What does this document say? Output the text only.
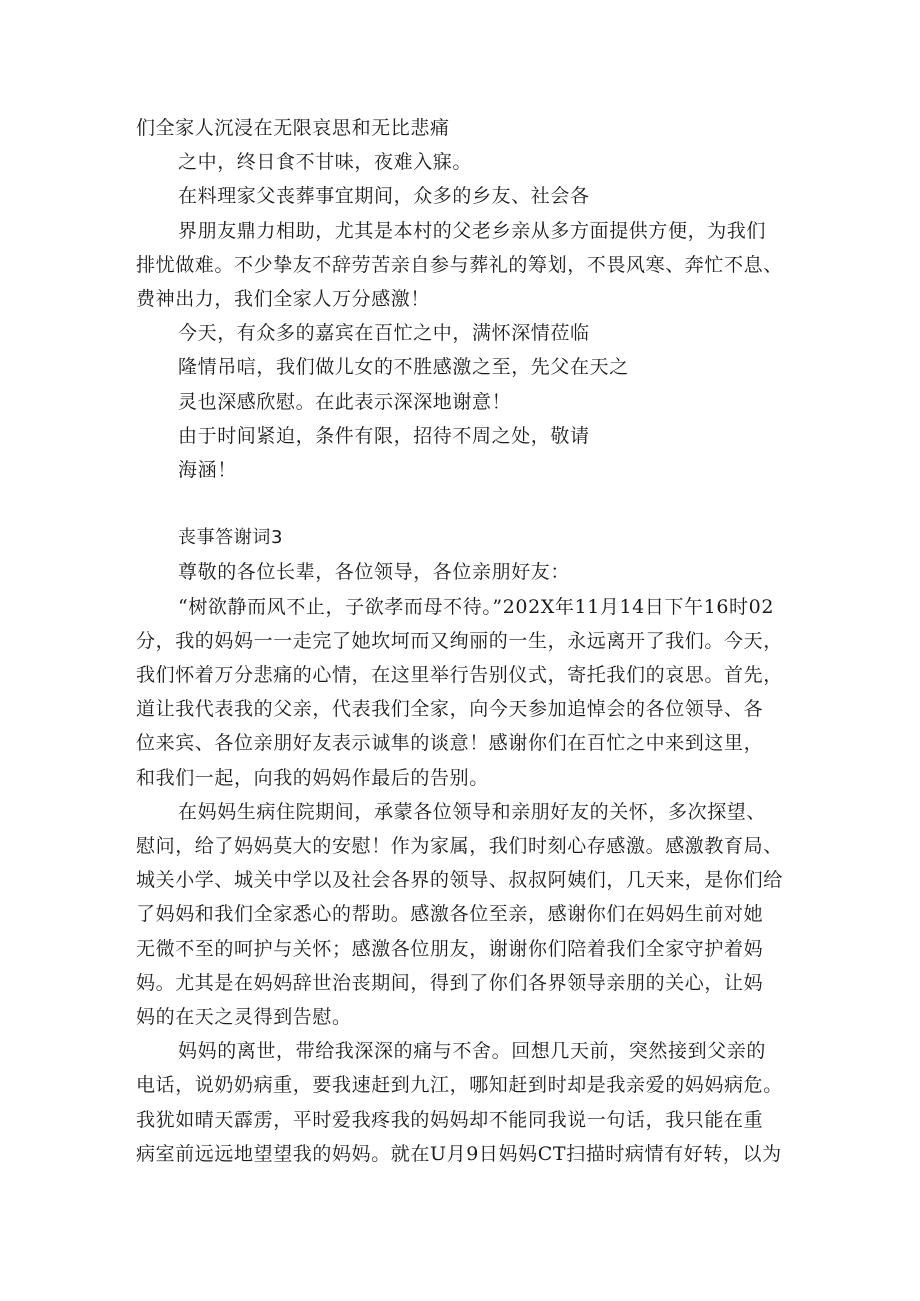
们全家人沉浸在无限哀思和无比悲痛

之中，终日食不甘味，夜难入寐。

在料理家父丧葬事宜期间，众多的乡友、社会各

界朋友鼎力相助，尤其是本村的父老乡亲从多方面提供方便，为我们

排忧做难。不少挚友不辞劳苦亲自参与葬礼的筹划，不畏风寒、奔忙不息、

费神出力，我们全家人万分感激！

今天，有众多的嘉宾在百忙之中，满怀深情莅临

隆情吊唁，我们做儿女的不胜感激之至，先父在天之

灵也深感欣慰。在此表示深深地谢意！

由于时间紧迫，条件有限，招待不周之处，敬请

海涵！

丧事答谢词3

尊敬的各位长辈，各位领导，各位亲朋好友：

“树欲静而风不止，子欲孝而母不待。”202X年11月14日下午16时02

分，我的妈妈一一走完了她坎坷而又绚丽的一生，永远离开了我们。今天，

我们怀着万分悲痛的心情，在这里举行告别仪式，寄托我们的哀思。首先，

道让我代表我的父亲，代表我们全家，向今天参加追悼会的各位领导、各

位来宾、各位亲朋好友表示诚隼的谈意！感谢你们在百忙之中来到这里，

和我们一起，向我的妈妈作最后的告别。

在妈妈生病住院期间，承蒙各位领导和亲朋好友的关怀，多次探望、

慰问，给了妈妈莫大的安慰！作为家属，我们时刻心存感激。感激教育局、

城关小学、城关中学以及社会各界的领导、叔叔阿姨们，几天来，是你们给

了妈妈和我们全家悉心的帮助。感激各位至亲，感谢你们在妈妈生前对她

无微不至的呵护与关怀；感激各位朋友，谢谢你们陪着我们全家守护着妈

妈。尤其是在妈妈辞世治丧期间，得到了你们各界领导亲朋的关心，让妈

妈的在天之灵得到告慰。

妈妈的离世，带给我深深的痛与不舍。回想几天前，突然接到父亲的

电话，说奶奶病重，要我速赶到九江，哪知赶到时却是我亲爱的妈妈病危。

我犹如晴天霹雳，平时爱我疼我的妈妈却不能同我说一句话，我只能在重

病室前远远地望望我的妈妈。就在U月9日妈妈CT扫描时病情有好转，以为
